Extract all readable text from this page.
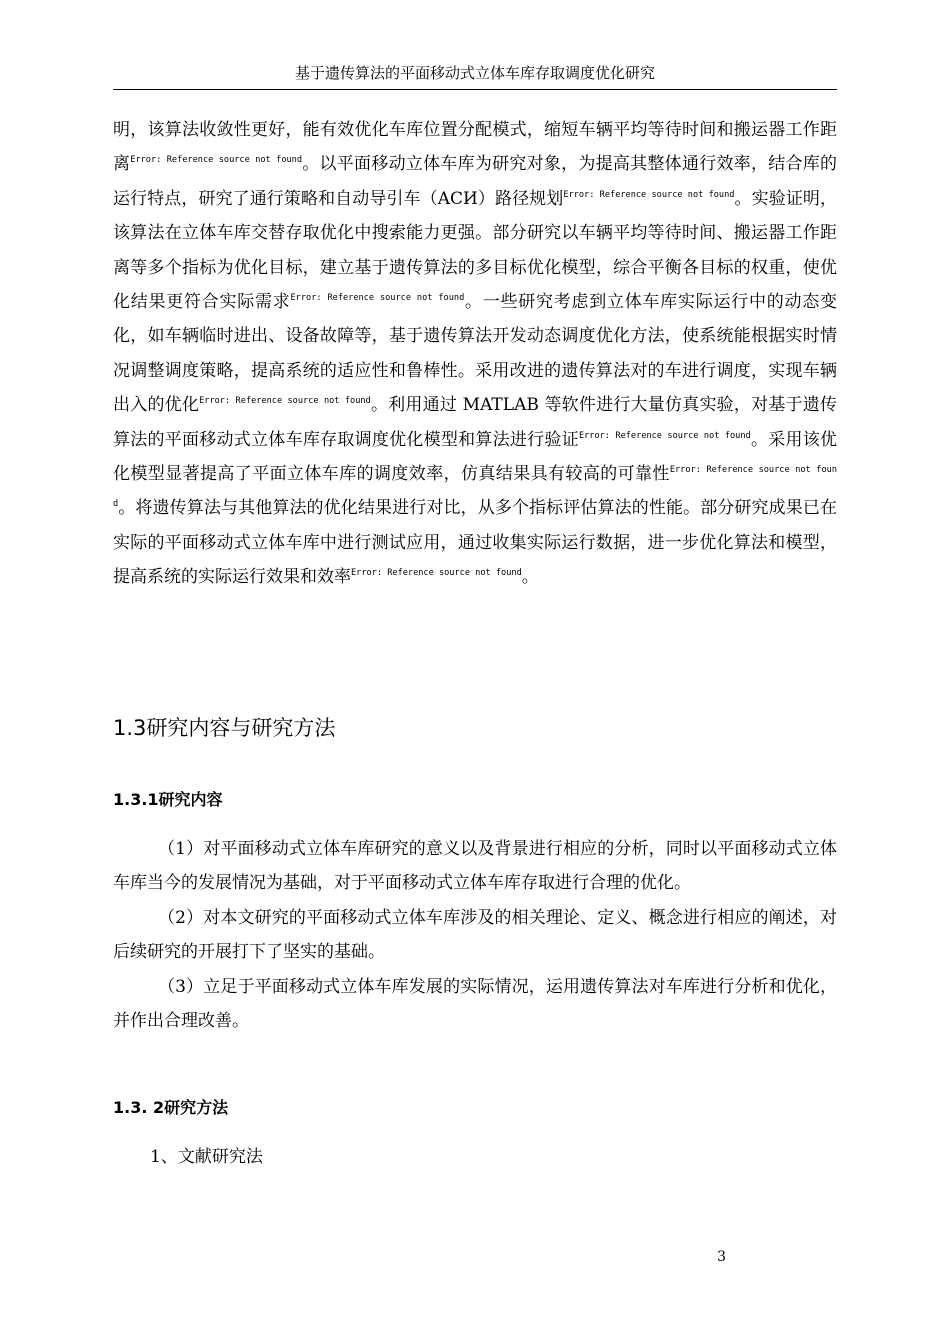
基于遗传算法的平面移动式立体车库存取调度优化研究

明，该算法收敛性更好，能有效优化车库位置分配模式，缩短车辆平均等待时间和搬运器工作距离$^{Error: Reference source not found}$。以平面移动立体车库为研究对象，为提高其整体通行效率，结合库的运行特点，研究了通行策略和自动导引车（ACИ）路径规划$^{Error: Reference source not found}$。实验证明，该算法在立体车库交替存取优化中搜索能力更强。部分研究以车辆平均等待时间、搬运器工作距离等多个指标为优化目标，建立基于遗传算法的多目标优化模型，综合平衡各目标的权重，使优化结果更符合实际需求$^{Error: Reference source not found}$。一些研究考虑到立体车库实际运行中的动态变化，如车辆临时进出、设备故障等，基于遗传算法开发动态调度优化方法，使系统能根据实时情况调整调度策略，提高系统的适应性和鲁棒性。采用改进的遗传算法对的车进行调度，实现车辆出入的优化$^{Error: Reference source not found}$。利用通过 MATLAB 等软件进行大量仿真实验，对基于遗传算法的平面移动式立体车库存取调度优化模型和算法进行验证$^{Error: Reference source not found}$。采用该优化模型显著提高了平面立体车库的调度效率，仿真结果具有较高的可靠性$^{Error: Reference source not found}$。将遗传算法与其他算法的优化结果进行对比，从多个指标评估算法的性能。部分研究成果已在实际的平面移动式立体车库中进行测试应用，通过收集实际运行数据，进一步优化算法和模型，提高系统的实际运行效果和效率$^{Error: Reference source not found}$。

1.3研究内容与研究方法
1.3.1研究内容

（1）对平面移动式立体车库研究的意义以及背景进行相应的分析，同时以平面移动式立体车库当今的发展情况为基础，对于平面移动式立体车库存取进行合理的优化。

（2）对本文研究的平面移动式立体车库涉及的相关理论、定义、概念进行相应的阐述，对后续研究的开展打下了坚实的基础。

（3）立足于平面移动式立体车库发展的实际情况，运用遗传算法对车库进行分析和优化，并作出合理改善。

1.3. 2研究方法

1、文献研究法

3
